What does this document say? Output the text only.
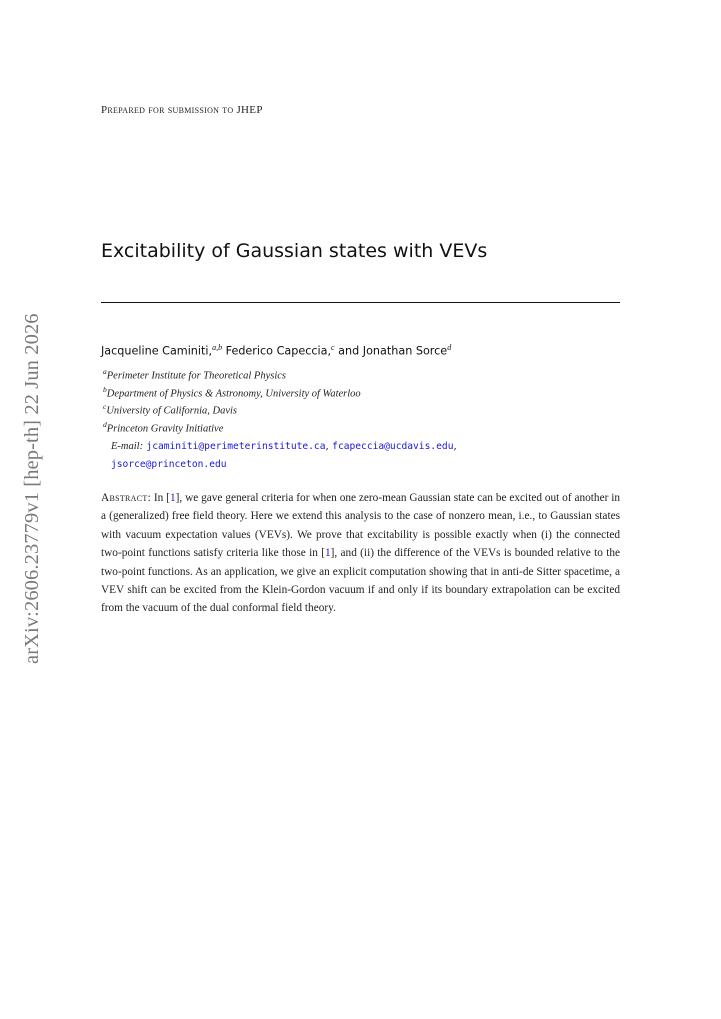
arXiv:2606.23779v1 [hep-th] 22 Jun 2026
Prepared for submission to JHEP
Excitability of Gaussian states with VEVs
Jacqueline Caminiti,$^{a,b}$ Federico Capeccia,$^c$ and Jonathan Sorce$^d$
$^a$Perimeter Institute for Theoretical Physics
$^b$Department of Physics & Astronomy, University of Waterloo
$^c$University of California, Davis
$^d$Princeton Gravity Initiative
E-mail: jcaminiti@perimeterinstitute.ca, fcapeccia@ucdavis.edu,
jsorce@princeton.edu
Abstract: In [1], we gave general criteria for when one zero-mean Gaussian state can be excited out of another in a (generalized) free field theory. Here we extend this analysis to the case of nonzero mean, i.e., to Gaussian states with vacuum expectation values (VEVs). We prove that excitability is possible exactly when (i) the connected two-point functions satisfy criteria like those in [1], and (ii) the difference of the VEVs is bounded relative to the two-point functions. As an application, we give an explicit computation showing that in anti-de Sitter spacetime, a VEV shift can be excited from the Klein-Gordon vacuum if and only if its boundary extrapolation can be excited from the vacuum of the dual conformal field theory.
